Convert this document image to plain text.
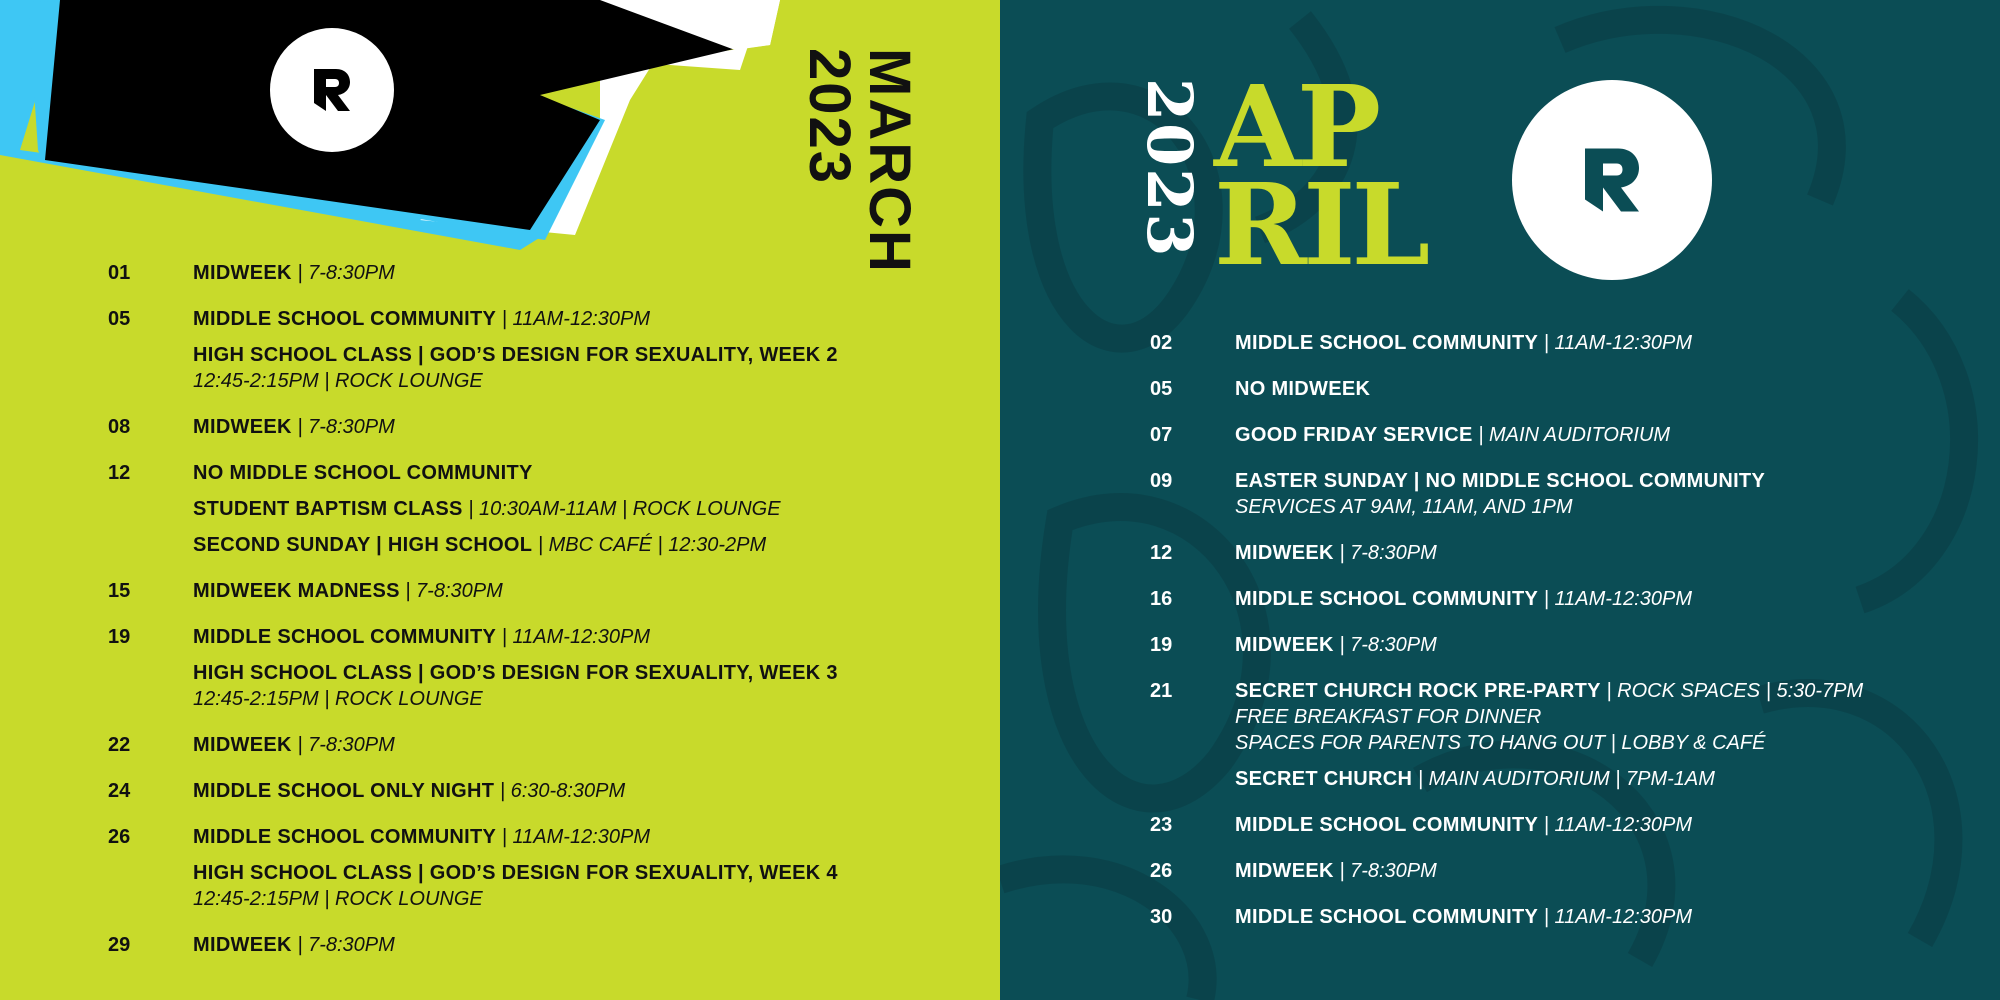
MARCH
2023
01	MIDWEEK | 7-8:30PM
05	MIDDLE SCHOOL COMMUNITY | 11AM-12:30PM
HIGH SCHOOL CLASS | GOD’S DESIGN FOR SEXUALITY, WEEK 2
12:45-2:15PM | ROCK LOUNGE
08	MIDWEEK | 7-8:30PM
12	NO MIDDLE SCHOOL COMMUNITY
STUDENT BAPTISM CLASS | 10:30AM-11AM | ROCK LOUNGE
SECOND SUNDAY | HIGH SCHOOL | MBC CAFÉ | 12:30-2PM
15	MIDWEEK MADNESS | 7-8:30PM
19	MIDDLE SCHOOL COMMUNITY | 11AM-12:30PM
HIGH SCHOOL CLASS | GOD’S DESIGN FOR SEXUALITY, WEEK 3
12:45-2:15PM | ROCK LOUNGE
22	MIDWEEK | 7-8:30PM
24	MIDDLE SCHOOL ONLY NIGHT | 6:30-8:30PM
26	MIDDLE SCHOOL COMMUNITY | 11AM-12:30PM
HIGH SCHOOL CLASS | GOD’S DESIGN FOR SEXUALITY, WEEK 4
12:45-2:15PM | ROCK LOUNGE
29	MIDWEEK | 7-8:30PM
AP
RIL
2023
02	MIDDLE SCHOOL COMMUNITY | 11AM-12:30PM
05	NO MIDWEEK
07	GOOD FRIDAY SERVICE | MAIN AUDITORIUM
09	EASTER SUNDAY | NO MIDDLE SCHOOL COMMUNITY
SERVICES AT 9AM, 11AM, AND 1PM
12	MIDWEEK | 7-8:30PM
16	MIDDLE SCHOOL COMMUNITY | 11AM-12:30PM
19	MIDWEEK | 7-8:30PM
21	SECRET CHURCH ROCK PRE-PARTY | ROCK SPACES | 5:30-7PM
FREE BREAKFAST FOR DINNER
SPACES FOR PARENTS TO HANG OUT | LOBBY & CAFÉ
SECRET CHURCH | MAIN AUDITORIUM | 7PM-1AM
23	MIDDLE SCHOOL COMMUNITY | 11AM-12:30PM
26	MIDWEEK | 7-8:30PM
30	MIDDLE SCHOOL COMMUNITY | 11AM-12:30PM
